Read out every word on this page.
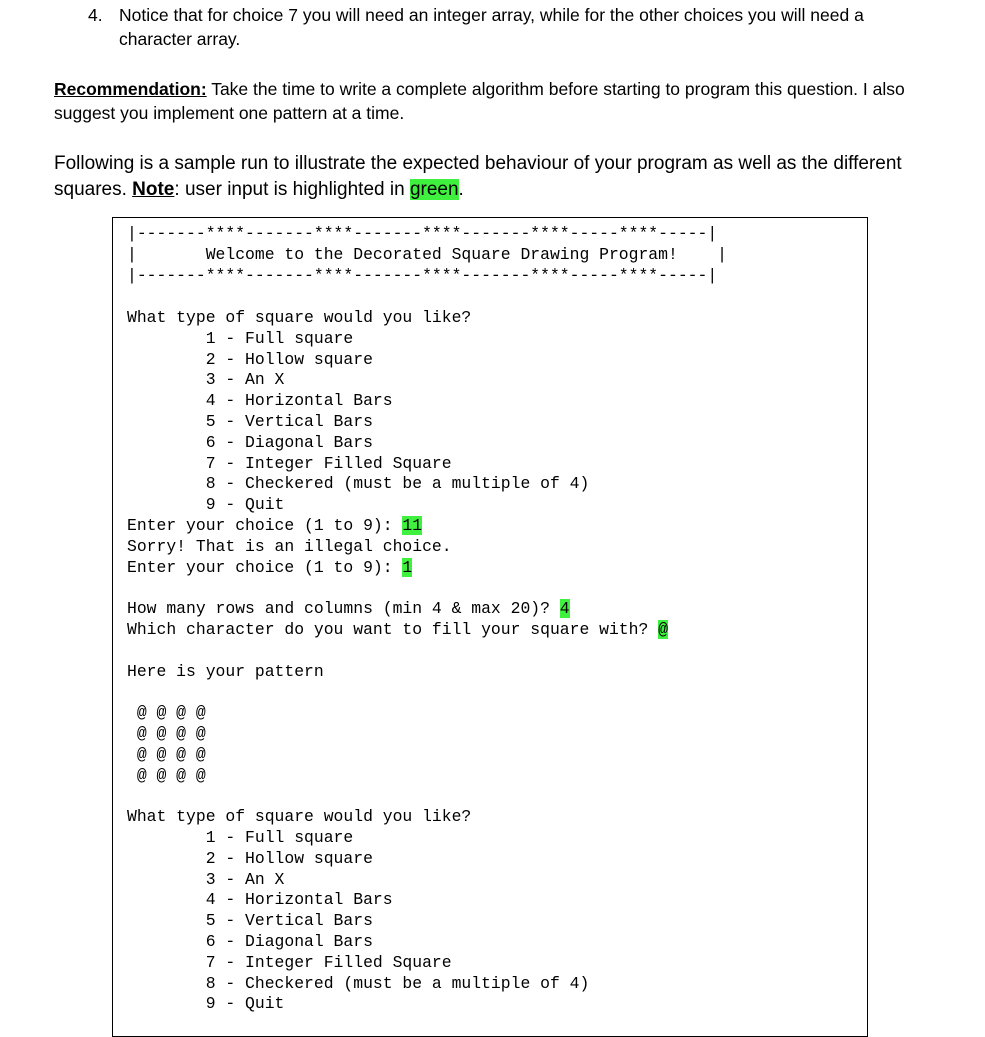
4. Notice that for choice 7 you will need an integer array, while for the other choices you will need a character array.
Recommendation: Take the time to write a complete algorithm before starting to program this question. I also suggest you implement one pattern at a time.
Following is a sample run to illustrate the expected behaviour of your program as well as the different squares. Note: user input is highlighted in green.
|-------****-------****-------****-------****-----****-----|
|       Welcome to the Decorated Square Drawing Program!    |
|-------****-------****-------****-------****-----****-----|
What type of square would you like?
1 - Full square
2 - Hollow square
3 - An X
4 - Horizontal Bars
5 - Vertical Bars
6 - Diagonal Bars
7 - Integer Filled Square
8 - Checkered (must be a multiple of 4)
9 - Quit
Enter your choice (1 to 9): 11
Sorry! That is an illegal choice.
Enter your choice (1 to 9): 1
How many rows and columns (min 4 & max 20)? 4
Which character do you want to fill your square with? @
Here is your pattern
@ @ @ @
@ @ @ @
@ @ @ @
@ @ @ @
What type of square would you like?
1 - Full square
2 - Hollow square
3 - An X
4 - Horizontal Bars
5 - Vertical Bars
6 - Diagonal Bars
7 - Integer Filled Square
8 - Checkered (must be a multiple of 4)
9 - Quit
